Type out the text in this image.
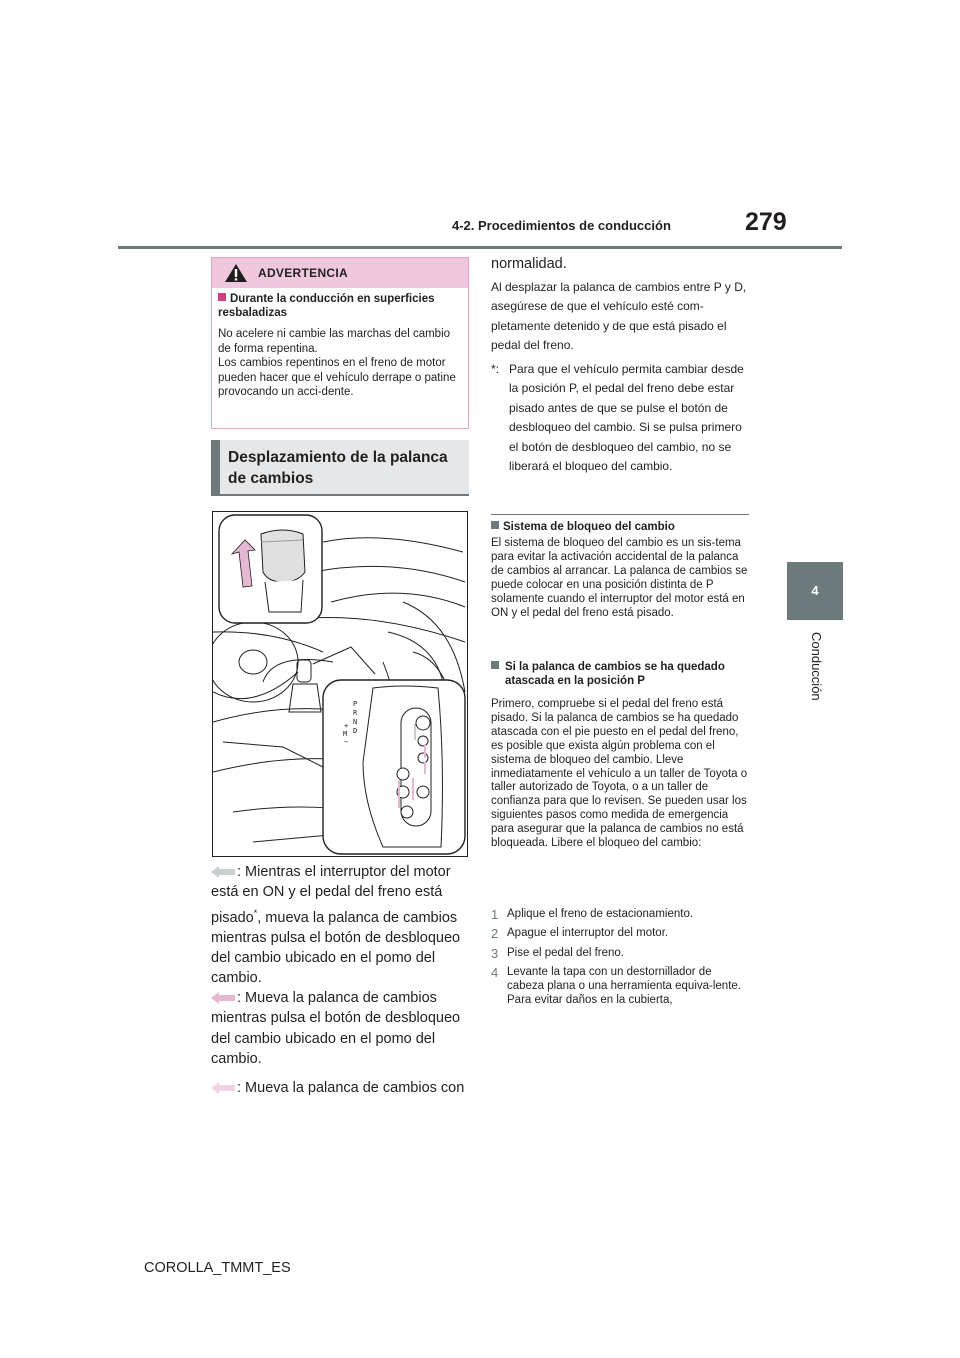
4-2. Procedimientos de conducción	279
4
Conducción
ADVERTENCIA
Durante la conducción en superficies resbaladizas
No acelere ni cambie las marchas del cambio de forma repentina.
Los cambios repentinos en el freno de motor pueden hacer que el vehículo derrape o patine provocando un acci-dente.
Desplazamiento de la palanca de cambios
P
R
N
D
+
M
−
: Mientras el interruptor del motor está en ON y el pedal del freno está pisado*, mueva la palanca de cambios mientras pulsa el botón de desbloqueo del cambio ubicado en el pomo del cambio.
: Mueva la palanca de cambios mientras pulsa el botón de desbloqueo del cambio ubicado en el pomo del cambio.
: Mueva la palanca de cambios con
normalidad.
Al desplazar la palanca de cambios entre P y D, asegúrese de que el vehículo esté com-pletamente detenido y de que está pisado el pedal del freno.
*: Para que el vehículo permita cambiar desde la posición P, el pedal del freno debe estar pisado antes de que se pulse el botón de desbloqueo del cambio. Si se pulsa primero el botón de desbloqueo del cambio, no se liberará el bloqueo del cambio.
Sistema de bloqueo del cambio
El sistema de bloqueo del cambio es un sis-tema para evitar la activación accidental de la palanca de cambios al arrancar. La palanca de cambios se puede colocar en una posición distinta de P solamente cuando el interruptor del motor está en ON y el pedal del freno está pisado.
Si la palanca de cambios se ha quedado atascada en la posición P
Primero, compruebe si el pedal del freno está pisado. Si la palanca de cambios se ha quedado atascada con el pie puesto en el pedal del freno, es posible que exista algún problema con el sistema de bloqueo del cambio. Lleve inmediatamente el vehículo a un taller de Toyota o taller autorizado de Toyota, o a un taller de confianza para que lo revisen. Se pueden usar los siguientes pasos como medida de emergencia para asegurar que la palanca de cambios no está bloqueada. Libere el bloqueo del cambio:
1 Aplique el freno de estacionamiento.
2 Apague el interruptor del motor.
3 Pise el pedal del freno.
4 Levante la tapa con un destornillador de cabeza plana o una herramienta equiva-lente. Para evitar daños en la cubierta,
COROLLA_TMMT_ES
